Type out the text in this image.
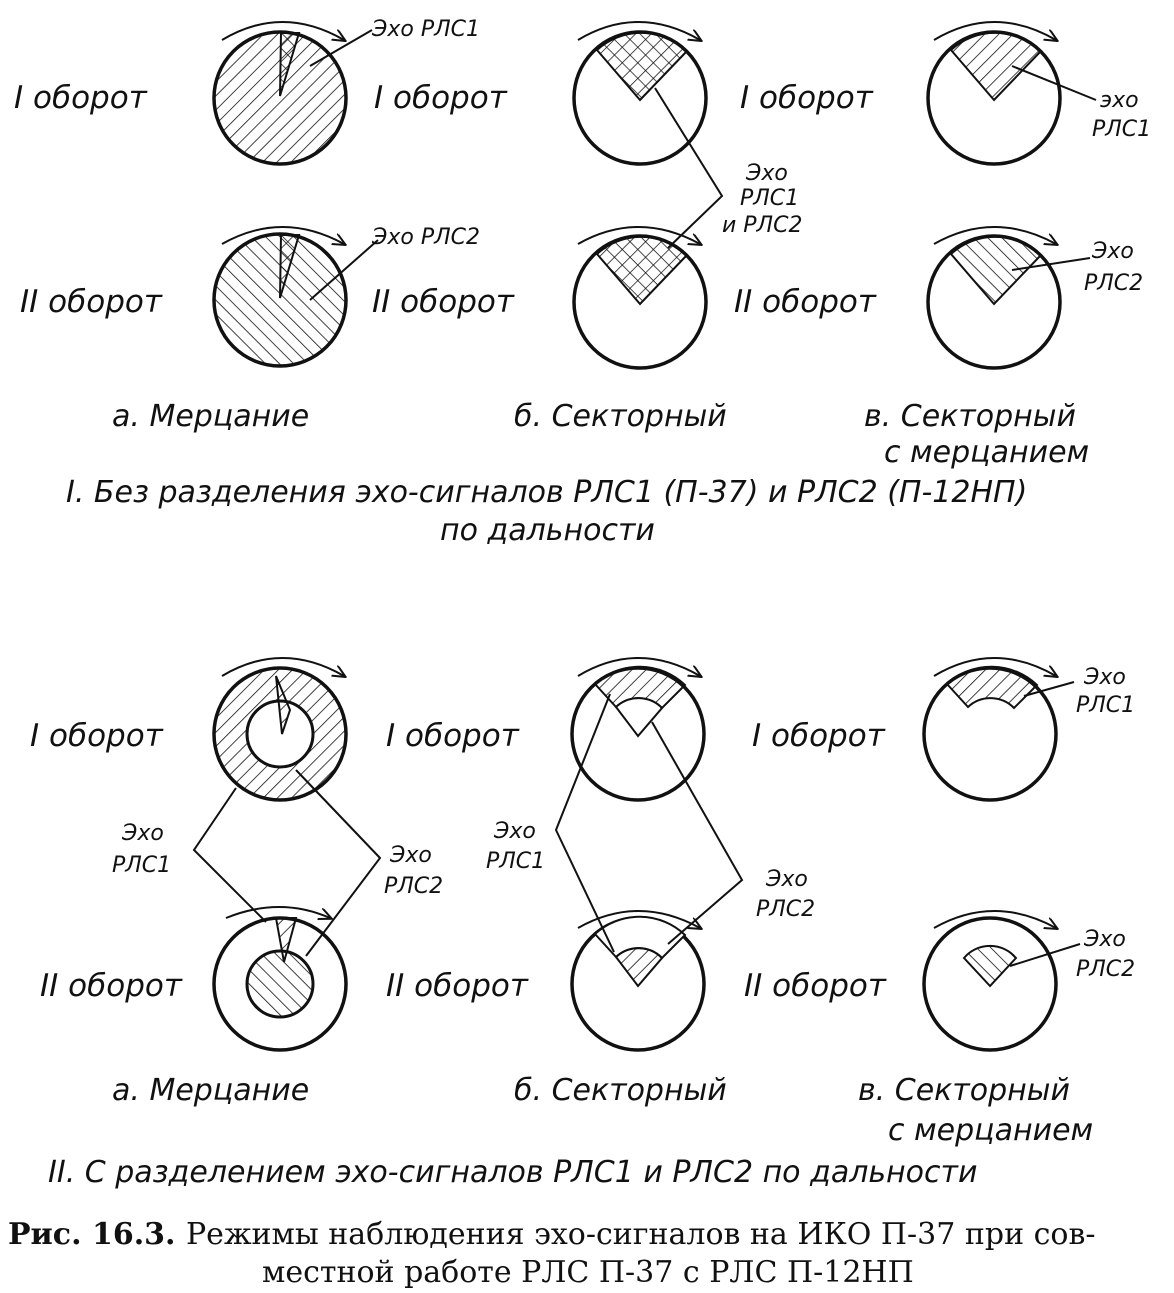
Эхо РЛС1
I оборот
Эхо РЛС2
II оборот
I оборот
II оборот
Эхо
РЛС1
и РЛС2
эхо
РЛС1
I оборот
Эхо
РЛС2
II оборот
а. Мерцание	б. Секторный	в. Секторный
с мерцанием
I. Без разделения эхо-сигналов РЛС1 (П-37) и РЛС2 (П-12НП)
по дальности
I оборот
II оборот
Эхо
РЛС1	Эхо
РЛС2
I оборот
II оборот
Эхо
РЛС1
Эхо
РЛС2
Эхо
РЛС1
I оборот
Эхо
РЛС2
II оборот
а. Мерцание	б. Секторный	в. Секторный
с мерцанием
II. С разделением эхо-сигналов РЛС1 и РЛС2 по дальности
Рис. 16.3. Режимы наблюдения эхо-сигналов на ИКО П-37 при сов-
местной работе РЛС П-37 с РЛС П-12НП
